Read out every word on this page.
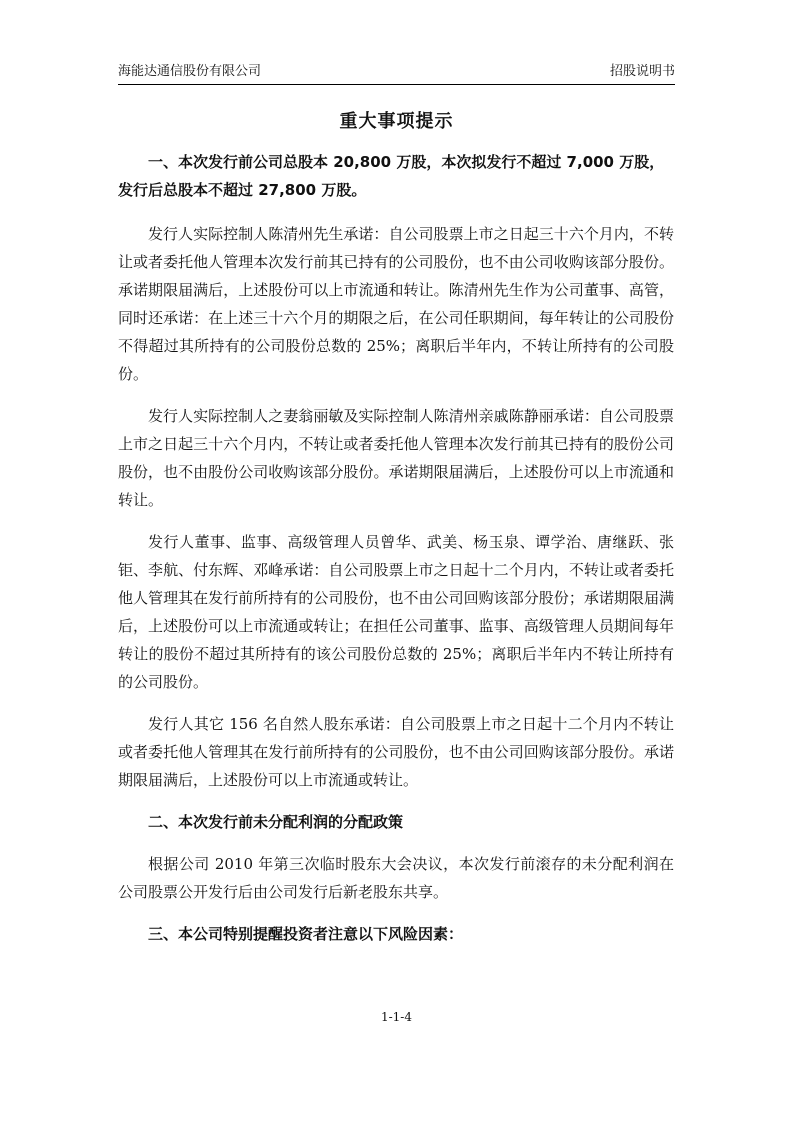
海能达通信股份有限公司	招股说明书
重大事项提示

一、本次发行前公司总股本 20,800 万股，本次拟发行不超过 7,000 万股，发行后总股本不超过 27,800 万股。

发行人实际控制人陈清州先生承诺：自公司股票上市之日起三十六个月内，不转让或者委托他人管理本次发行前其已持有的公司股份，也不由公司收购该部分股份。承诺期限届满后，上述股份可以上市流通和转让。陈清州先生作为公司董事、高管，同时还承诺：在上述三十六个月的期限之后，在公司任职期间，每年转让的公司股份不得超过其所持有的公司股份总数的 25%；离职后半年内，不转让所持有的公司股份。

发行人实际控制人之妻翁丽敏及实际控制人陈清州亲戚陈静丽承诺：自公司股票上市之日起三十六个月内，不转让或者委托他人管理本次发行前其已持有的股份公司股份，也不由股份公司收购该部分股份。承诺期限届满后，上述股份可以上市流通和转让。

发行人董事、监事、高级管理人员曾华、武美、杨玉泉、谭学治、唐继跃、张钜、李航、付东辉、邓峰承诺：自公司股票上市之日起十二个月内，不转让或者委托他人管理其在发行前所持有的公司股份，也不由公司回购该部分股份；承诺期限届满后，上述股份可以上市流通或转让；在担任公司董事、监事、高级管理人员期间每年转让的股份不超过其所持有的该公司股份总数的 25%；离职后半年内不转让所持有的公司股份。

发行人其它 156 名自然人股东承诺：自公司股票上市之日起十二个月内不转让或者委托他人管理其在发行前所持有的公司股份，也不由公司回购该部分股份。承诺期限届满后，上述股份可以上市流通或转让。

二、本次发行前未分配利润的分配政策

根据公司 2010 年第三次临时股东大会决议，本次发行前滚存的未分配利润在公司股票公开发行后由公司发行后新老股东共享。

三、本公司特别提醒投资者注意以下风险因素：

1-1-4
